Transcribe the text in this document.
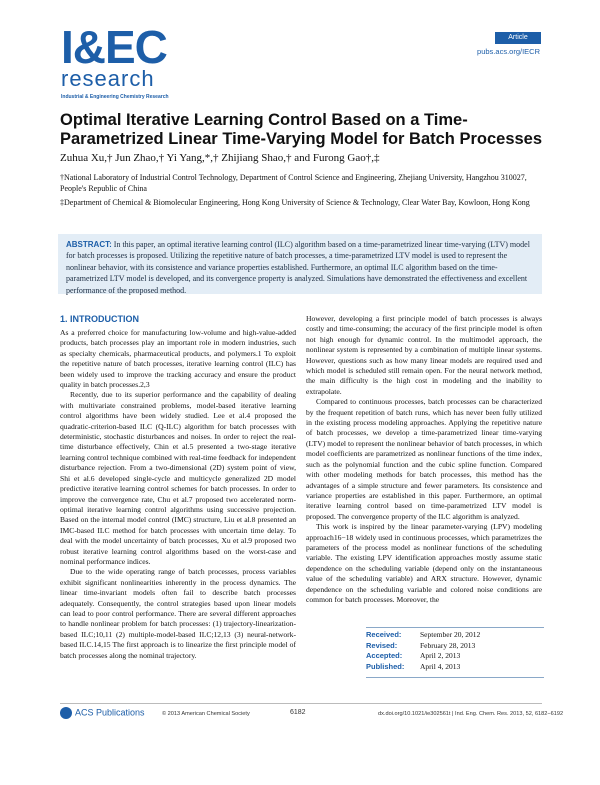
I&EC
research
Industrial & Engineering Chemistry Research
Article
pubs.acs.org/IECR
Optimal Iterative Learning Control Based on a Time-Parametrized Linear Time-Varying Model for Batch Processes
Zuhua Xu,† Jun Zhao,† Yi Yang,*,† Zhijiang Shao,† and Furong Gao†,‡
†National Laboratory of Industrial Control Technology, Department of Control Science and Engineering, Zhejiang University, Hangzhou 310027, People's Republic of China
‡Department of Chemical & Biomolecular Engineering, Hong Kong University of Science & Technology, Clear Water Bay, Kowloon, Hong Kong
ABSTRACT: In this paper, an optimal iterative learning control (ILC) algorithm based on a time-parametrized linear time-varying (LTV) model for batch processes is proposed. Utilizing the repetitive nature of batch processes, a time-parametrized LTV model is used to represent the nonlinear behavior, with its consistence and variance properties established. Furthermore, an optimal ILC algorithm based on the time-parametrized LTV model is developed, and its convergence property is analyzed. Simulations have demonstrated the effectiveness and excellent performance of the proposed method.
1. INTRODUCTION

As a preferred choice for manufacturing low-volume and high-value-added products, batch processes play an important role in modern industries, such as specialty chemicals, pharmaceutical products, and polymers.1 To exploit the repetitive nature of batch processes, iterative learning control (ILC) has been widely used to improve the tracking accuracy and ensure the product quality in batch processes.2,3

Recently, due to its superior performance and the capability of dealing with multivariate constrained problems, model-based iterative learning control algorithms have been widely studied. Lee et al.4 proposed the quadratic-criterion-based ILC (Q-ILC) algorithm for batch processes with deterministic, stochastic disturbances and noises. In order to reject the real-time disturbance effectively, Chin et al.5 presented a two-stage iterative learning control technique combined with real-time feedback for independent disturbance rejection. From a two-dimensional (2D) system point of view, Shi et al.6 developed single-cycle and multicycle generalized 2D model predictive iterative learning control schemes for batch processes. In order to improve the convergence rate, Chu et al.7 proposed two accelerated norm-optimal iterative learning control algorithms using successive projection. Based on the internal model control (IMC) structure, Liu et al.8 presented an IMC-based ILC method for batch processes with uncertain time delay. To deal with the model uncertainty of batch processes, Xu et al.9 proposed two robust iterative learning control algorithms based on the worst-case and nominal performance indices.

Due to the wide operating range of batch processes, process variables exhibit significant nonlinearities inherently in the process dynamics. The linear time-invariant models often fail to describe batch processes adequately. Consequently, the control strategies based upon linear models can lead to poor control performance. There are several different approaches to handle nonlinear problem for batch processes: (1) trajectory-linearization-based ILC;10,11 (2) multiple-model-based ILC;12,13 (3) neural-network-based ILC.14,15 The first approach is to linearize the first principle model of batch processes along the nominal trajectory.

However, developing a first principle model of batch processes is always costly and time-consuming; the accuracy of the first principle model is often not high enough for dynamic control. In the multimodel approach, the nonlinear system is represented by a combination of multiple linear systems. However, questions such as how many linear models are required used and which model is scheduled still remain open. For the neural network method, the main difficulty is the high cost in modeling and the inability to extrapolate.

Compared to continuous processes, batch processes can be characterized by the frequent repetition of batch runs, which has never been fully utilized in the existing process modeling approaches. Applying the repetitive nature of batch processes, we develop a time-parametrized linear time-varying (LTV) model to represent the nonlinear behavior of batch processes, in which model coefficients are parametrized as nonlinear functions of the time index, such as the polynomial function and the cubic spline function. Compared with other modeling methods for batch processes, this method has the advantages of a simple structure and fewer parameters. Its consistence and variance properties are established in this paper. Furthermore, an optimal iterative learning control based on time-parametrized LTV model is proposed. The convergence property of the ILC algorithm is analyzed.

This work is inspired by the linear parameter-varying (LPV) modeling approach16−18 widely used in continuous processes, which parametrizes the parameters of the process model as nonlinear functions of the scheduling variable. The existing LPV identification approaches mostly assume static dependence on the scheduling variable (depend only on the instantaneous value of the scheduling variable) and ARX structure. However, dynamic dependence on the scheduling variable and colored noise conditions are common for batch processes. Moreover, the

Received:	September 20, 2012
Revised:	February 28, 2013
Accepted:	April 2, 2013
Published:	April 4, 2013
ACS Publications	© 2013 American Chemical Society	6182	dx.doi.org/10.1021/ie302561t | Ind. Eng. Chem. Res. 2013, 52, 6182−6192
